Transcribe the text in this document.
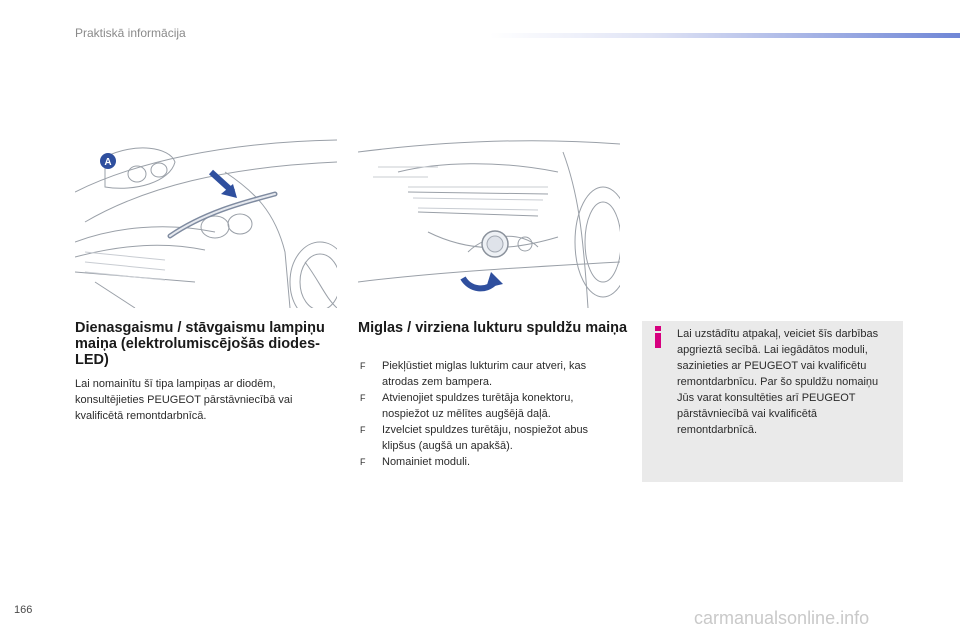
Praktiskā informācija
A
Dienasgaismu / stāvgaismu lampiņu maiņa (elektrolumiscējošās diodes-LED)
Lai nomainītu šī tipa lampiņas ar diodēm, konsultējieties PEUGEOT pārstāvniecībā vai kvalificētā remontdarbnīcā.
Miglas / virziena lukturu spuldžu maiņa
F Piekļūstiet miglas lukturim caur atveri, kas atrodas zem bampera.
F Atvienojiet spuldzes turētāja konektoru, nospiežot uz mēlītes augšējā daļā.
F Izvelciet spuldzes turētāju, nospiežot abus klipšus (augšā un apakšā).
F Nomainiet moduli.
Lai uzstādītu atpakaļ, veiciet šīs darbības apgrieztā secībā. Lai iegādātos moduli, sazinieties ar PEUGEOT vai kvalificētu remontdarbnīcu. Par šo spuldžu nomaiņu Jūs varat konsultēties arī PEUGEOT pārstāvniecībā vai kvalificētā remontdarbnīcā.
166	carmanualsonline.info
